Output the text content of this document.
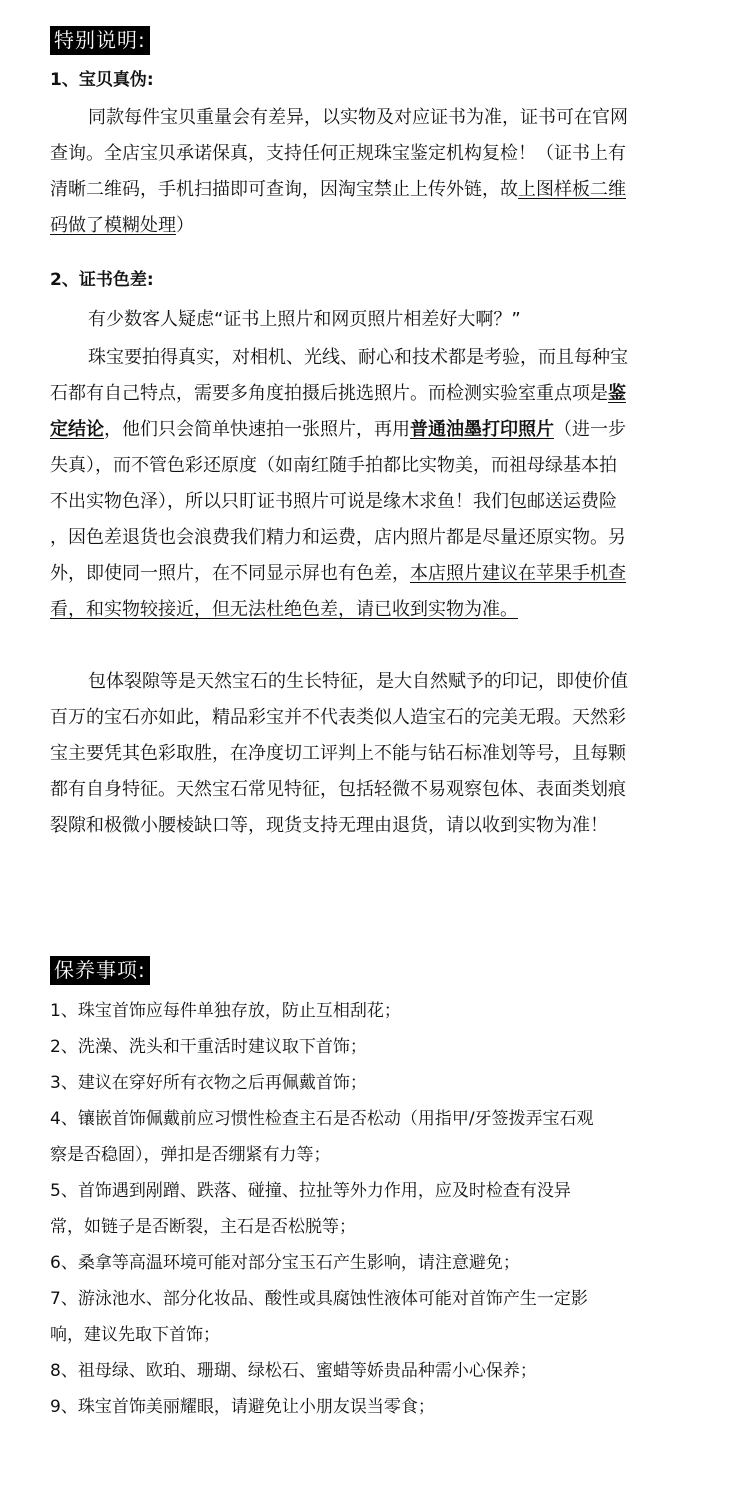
特别说明:
1、宝贝真伪:
同款每件宝贝重量会有差异，以实物及对应证书为准，证书可在官网
查询。全店宝贝承诺保真，支持任何正规珠宝鉴定机构复检！（证书上有
清晰二维码，手机扫描即可查询，因淘宝禁止上传外链，故上图样板二维
码做了模糊处理）
2、证书色差:
有少数客人疑虑“证书上照片和网页照片相差好大啊？”
珠宝要拍得真实，对相机、光线、耐心和技术都是考验，而且每种宝
石都有自己特点，需要多角度拍摄后挑选照片。而检测实验室重点项是鉴
定结论，他们只会简单快速拍一张照片，再用普通油墨打印照片（进一步
失真），而不管色彩还原度（如南红随手拍都比实物美，而祖母绿基本拍
不出实物色泽），所以只盯证书照片可说是缘木求鱼！我们包邮送运费险
，因色差退货也会浪费我们精力和运费，店内照片都是尽量还原实物。另
外，即使同一照片，在不同显示屏也有色差，本店照片建议在苹果手机查
看，和实物较接近，但无法杜绝色差，请已收到实物为准。
包体裂隙等是天然宝石的生长特征，是大自然赋予的印记，即使价值
百万的宝石亦如此，精品彩宝并不代表类似人造宝石的完美无瑕。天然彩
宝主要凭其色彩取胜，在净度切工评判上不能与钻石标准划等号，且每颗
都有自身特征。天然宝石常见特征，包括轻微不易观察包体、表面类划痕
裂隙和极微小腰棱缺口等，现货支持无理由退货，请以收到实物为准！
保养事项:
1、珠宝首饰应每件单独存放，防止互相刮花；
2、洗澡、洗头和干重活时建议取下首饰；
3、建议在穿好所有衣物之后再佩戴首饰；
4、镶嵌首饰佩戴前应习惯性检查主石是否松动（用指甲/牙签拨弄宝石观
察是否稳固），弹扣是否绷紧有力等；
5、首饰遇到剐蹭、跌落、碰撞、拉扯等外力作用，应及时检查有没异
常，如链子是否断裂，主石是否松脱等；
6、桑拿等高温环境可能对部分宝玉石产生影响，请注意避免；
7、游泳池水、部分化妆品、酸性或具腐蚀性液体可能对首饰产生一定影
响，建议先取下首饰；
8、祖母绿、欧珀、珊瑚、绿松石、蜜蜡等娇贵品种需小心保养；
9、珠宝首饰美丽耀眼，请避免让小朋友误当零食；
